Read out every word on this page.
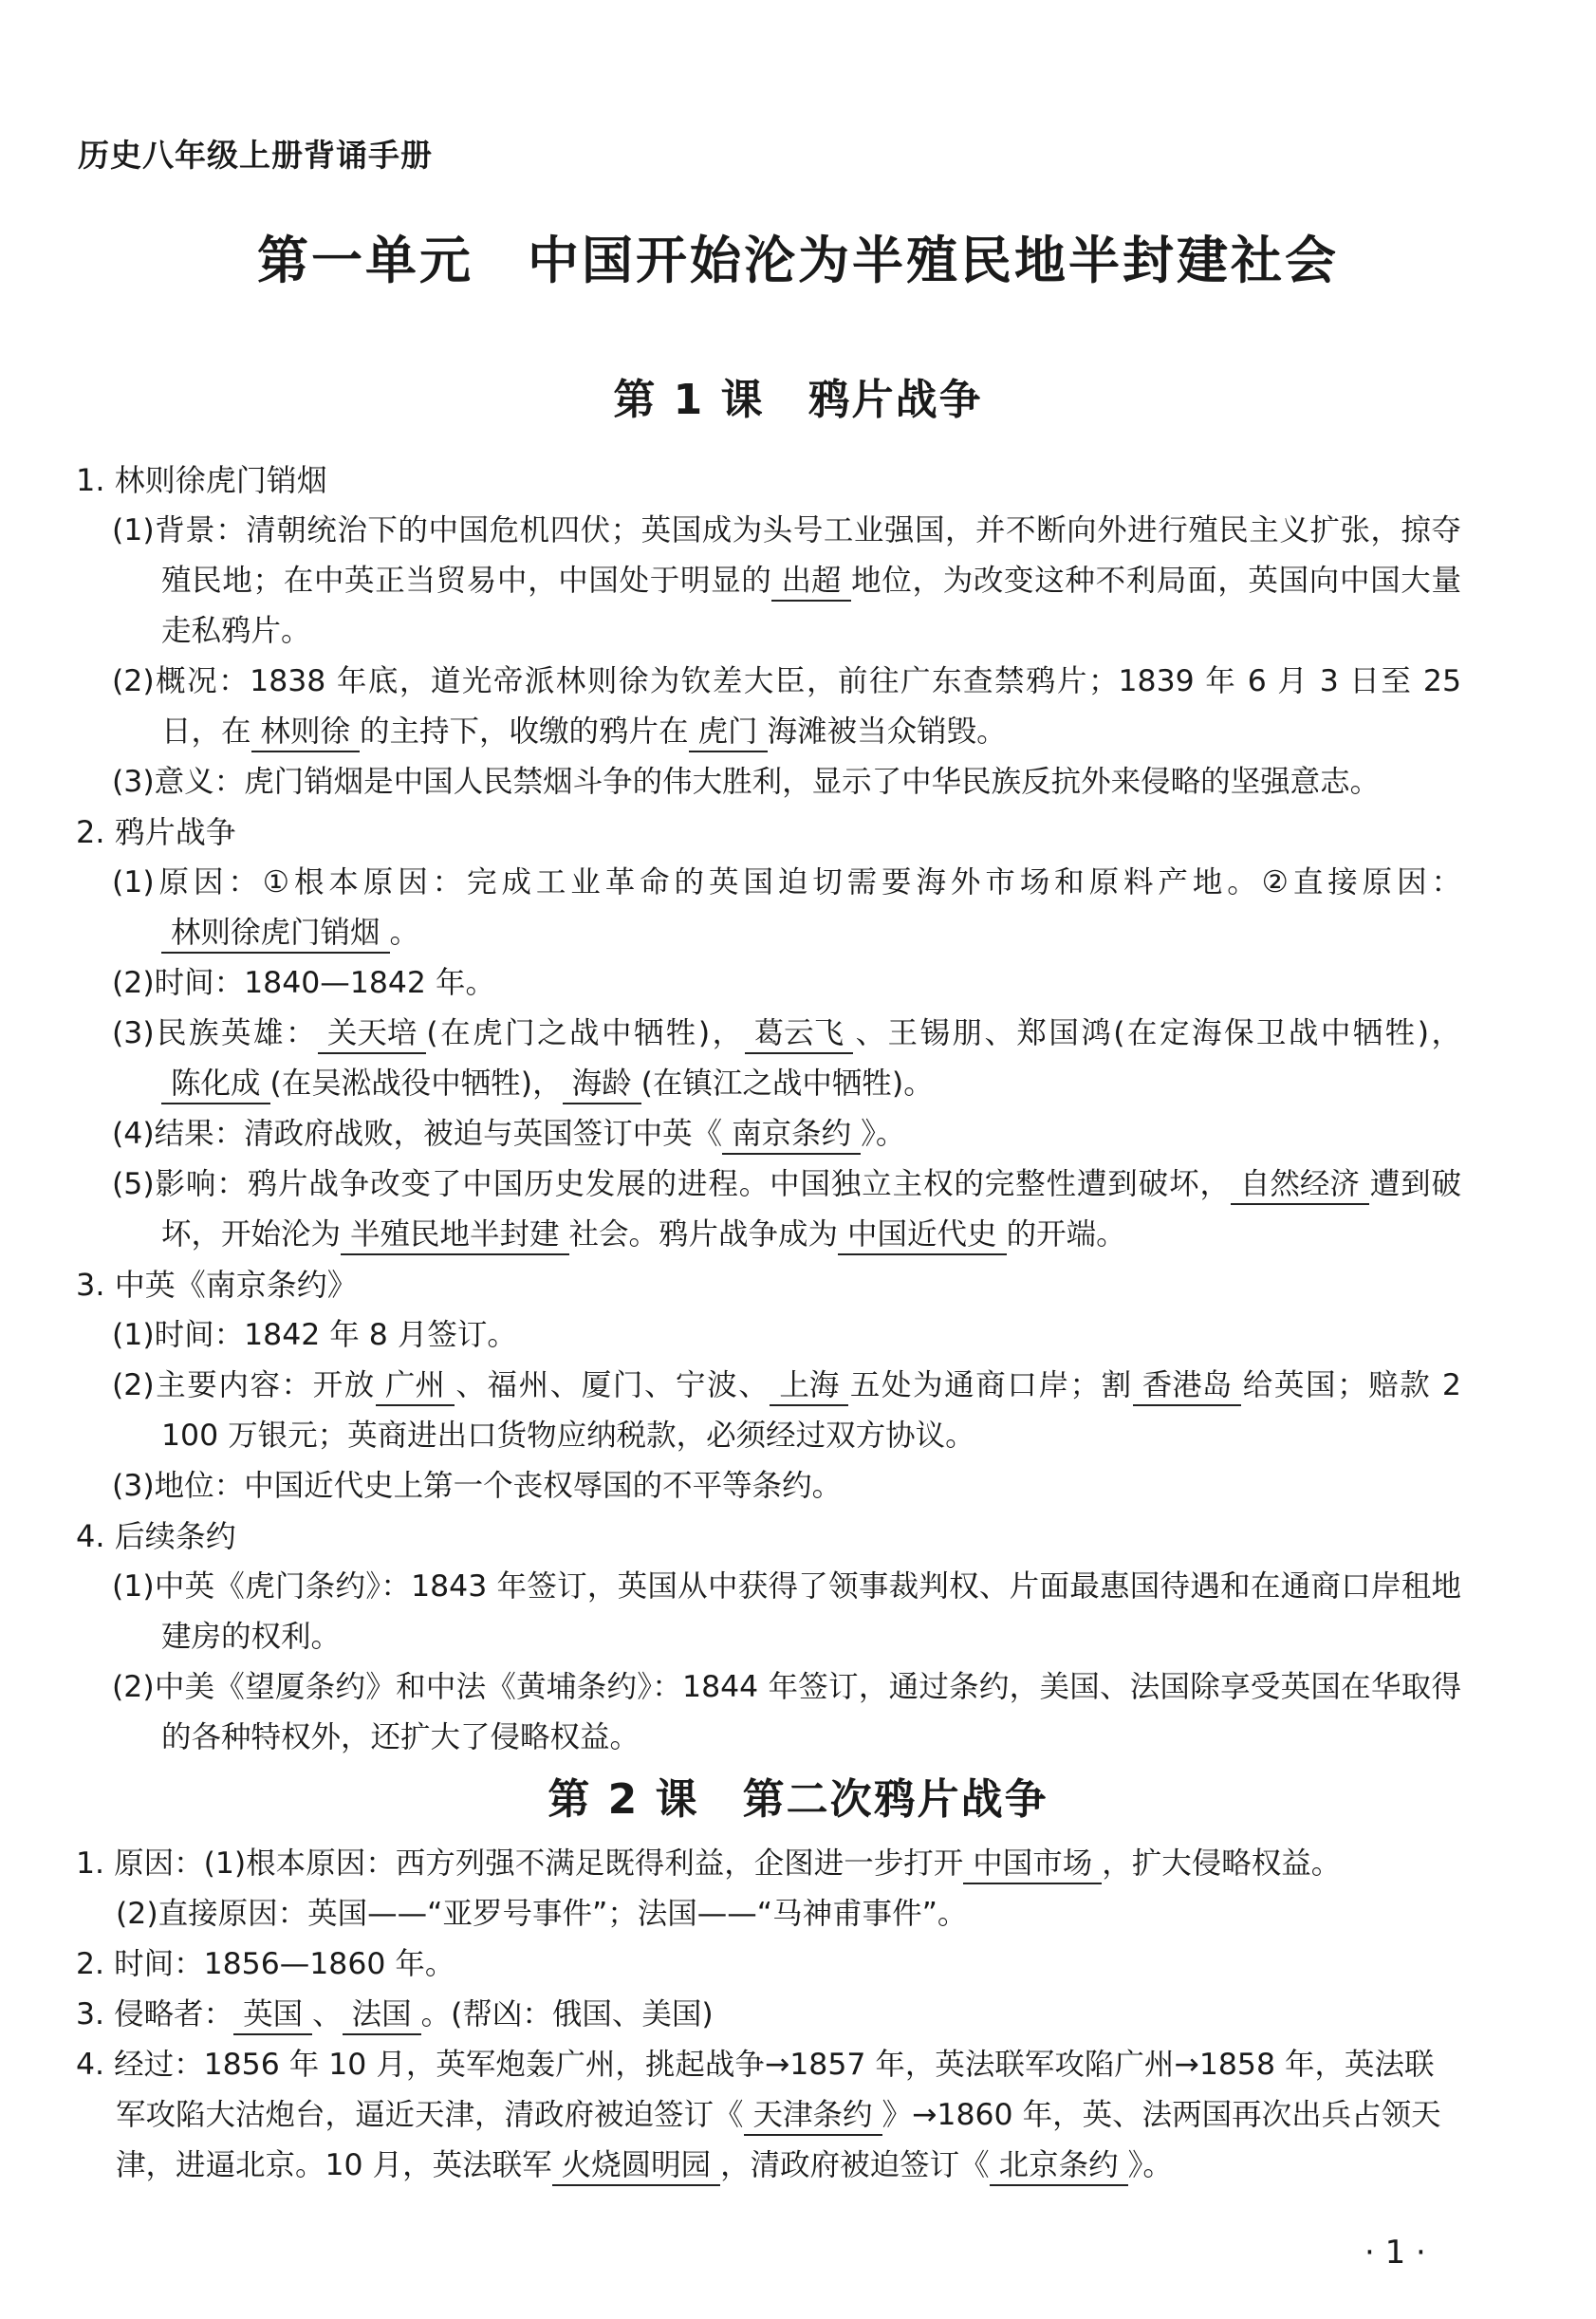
历史八年级上册背诵手册
第一单元　中国开始沦为半殖民地半封建社会
第 1 课　鸦片战争
1. 林则徐虎门销烟
(1)背景：清朝统治下的中国危机四伏；英国成为头号工业强国，并不断向外进行殖民主义扩张，掠夺殖民地；在中英正当贸易中，中国处于明显的 出超 地位，为改变这种不利局面，英国向中国大量走私鸦片。
(2)概况：1838 年底，道光帝派林则徐为钦差大臣，前往广东查禁鸦片；1839 年 6 月 3 日至 25 日，在 林则徐 的主持下，收缴的鸦片在 虎门 海滩被当众销毁。
(3)意义：虎门销烟是中国人民禁烟斗争的伟大胜利，显示了中华民族反抗外来侵略的坚强意志。
2. 鸦片战争
(1)原因：①根本原因：完成工业革命的英国迫切需要海外市场和原料产地。②直接原因：林则徐虎门销烟 。
(2)时间：1840—1842 年。
(3)民族英雄： 关天培 (在虎门之战中牺牲)， 葛云飞 、王锡朋、郑国鸿(在定海保卫战中牺牲)，陈化成 (在吴淞战役中牺牲)， 海龄 (在镇江之战中牺牲)。
(4)结果：清政府战败，被迫与英国签订中英《 南京条约 》。
(5)影响：鸦片战争改变了中国历史发展的进程。中国独立主权的完整性遭到破坏， 自然经济 遭到破坏，开始沦为 半殖民地半封建 社会。鸦片战争成为 中国近代史 的开端。
3. 中英《南京条约》
(1)时间：1842 年 8 月签订。
(2)主要内容：开放 广州 、福州、厦门、宁波、 上海 五处为通商口岸；割 香港岛 给英国；赔款 2 100 万银元；英商进出口货物应纳税款，必须经过双方协议。
(3)地位：中国近代史上第一个丧权辱国的不平等条约。
4. 后续条约
(1)中英《虎门条约》：1843 年签订，英国从中获得了领事裁判权、片面最惠国待遇和在通商口岸租地建房的权利。
(2)中美《望厦条约》和中法《黄埔条约》：1844 年签订，通过条约，美国、法国除享受英国在华取得的各种特权外，还扩大了侵略权益。
第 2 课　第二次鸦片战争
1. 原因：(1)根本原因：西方列强不满足既得利益，企图进一步打开 中国市场 ，扩大侵略权益。
(2)直接原因：英国——“亚罗号事件”；法国——“马神甫事件”。
2. 时间：1856—1860 年。
3. 侵略者： 英国 、 法国 。(帮凶：俄国、美国)
4. 经过：1856 年 10 月，英军炮轰广州，挑起战争→1857 年，英法联军攻陷广州→1858 年，英法联军攻陷大沽炮台，逼近天津，清政府被迫签订《 天津条约 》→1860 年，英、法两国再次出兵占领天津，进逼北京。10 月，英法联军 火烧圆明园 ，清政府被迫签订《 北京条约 》。
· 1 ·
